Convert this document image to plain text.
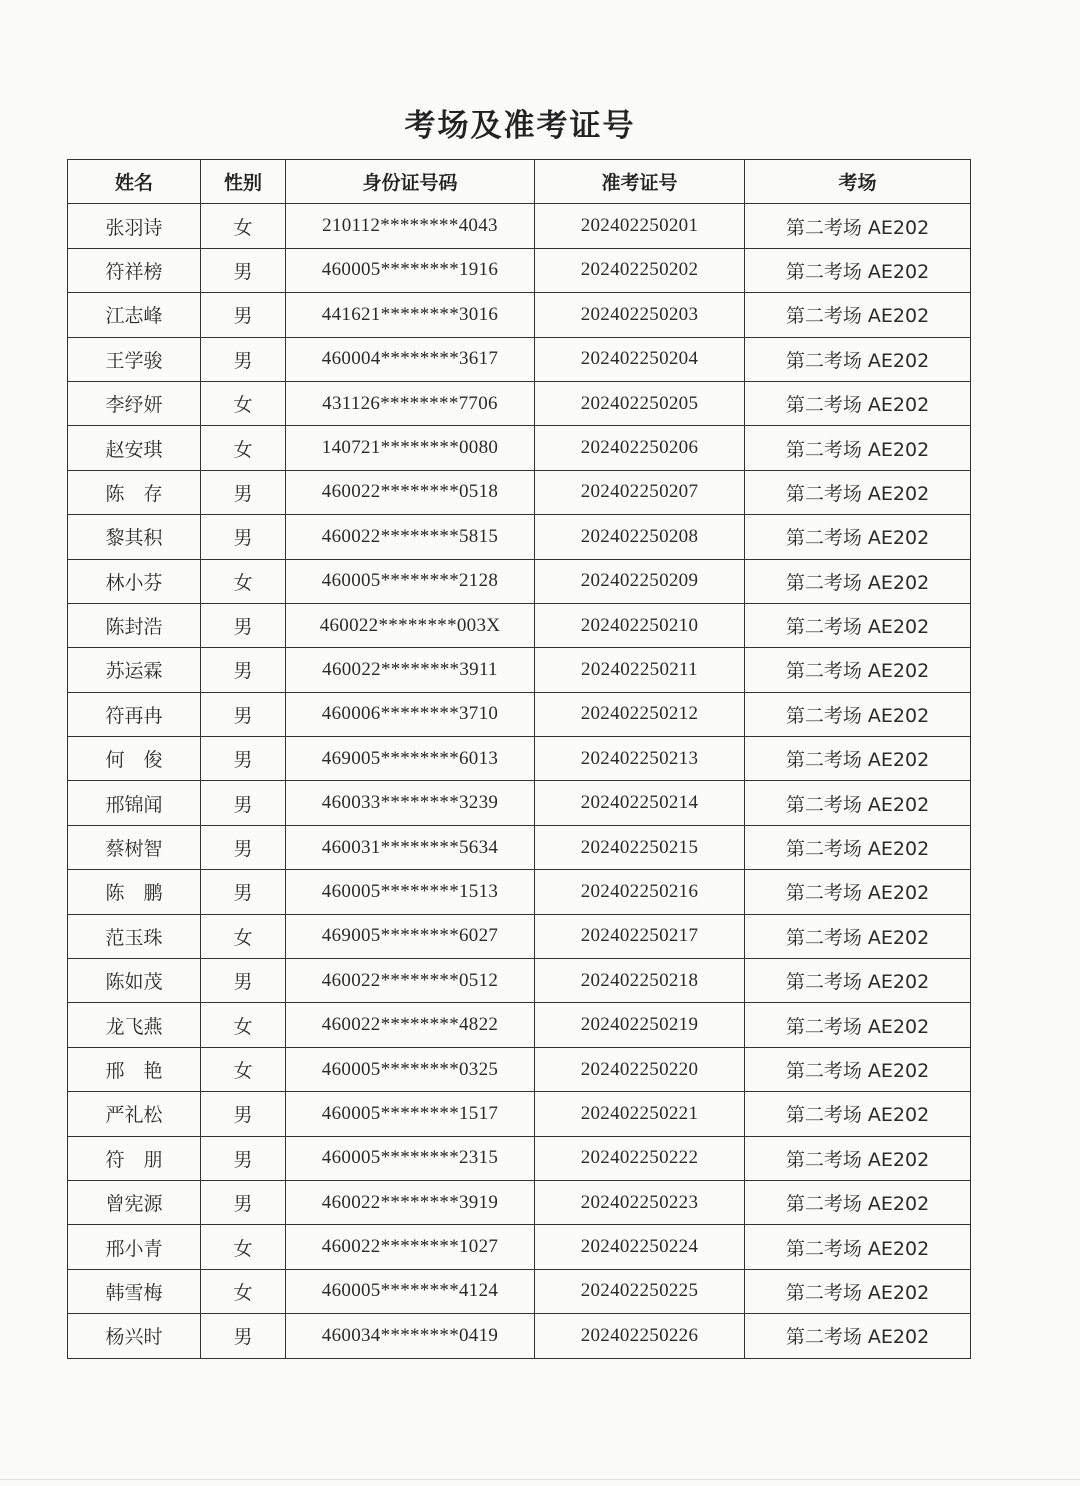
考场及准考证号
姓名	性别	身份证号码	准考证号	考场
张羽诗	女	210112********4043	202402250201	第二考场 AE202
符祥榜	男	460005********1916	202402250202	第二考场 AE202
江志峰	男	441621********3016	202402250203	第二考场 AE202
王学骏	男	460004********3617	202402250204	第二考场 AE202
李纾妍	女	431126********7706	202402250205	第二考场 AE202
赵安琪	女	140721********0080	202402250206	第二考场 AE202
陈　存	男	460022********0518	202402250207	第二考场 AE202
黎其积	男	460022********5815	202402250208	第二考场 AE202
林小芬	女	460005********2128	202402250209	第二考场 AE202
陈封浩	男	460022********003X	202402250210	第二考场 AE202
苏运霖	男	460022********3911	202402250211	第二考场 AE202
符再冉	男	460006********3710	202402250212	第二考场 AE202
何　俊	男	469005********6013	202402250213	第二考场 AE202
邢锦闻	男	460033********3239	202402250214	第二考场 AE202
蔡树智	男	460031********5634	202402250215	第二考场 AE202
陈　鹏	男	460005********1513	202402250216	第二考场 AE202
范玉珠	女	469005********6027	202402250217	第二考场 AE202
陈如茂	男	460022********0512	202402250218	第二考场 AE202
龙飞燕	女	460022********4822	202402250219	第二考场 AE202
邢　艳	女	460005********0325	202402250220	第二考场 AE202
严礼松	男	460005********1517	202402250221	第二考场 AE202
符　朋	男	460005********2315	202402250222	第二考场 AE202
曾宪源	男	460022********3919	202402250223	第二考场 AE202
邢小青	女	460022********1027	202402250224	第二考场 AE202
韩雪梅	女	460005********4124	202402250225	第二考场 AE202
杨兴时	男	460034********0419	202402250226	第二考场 AE202
